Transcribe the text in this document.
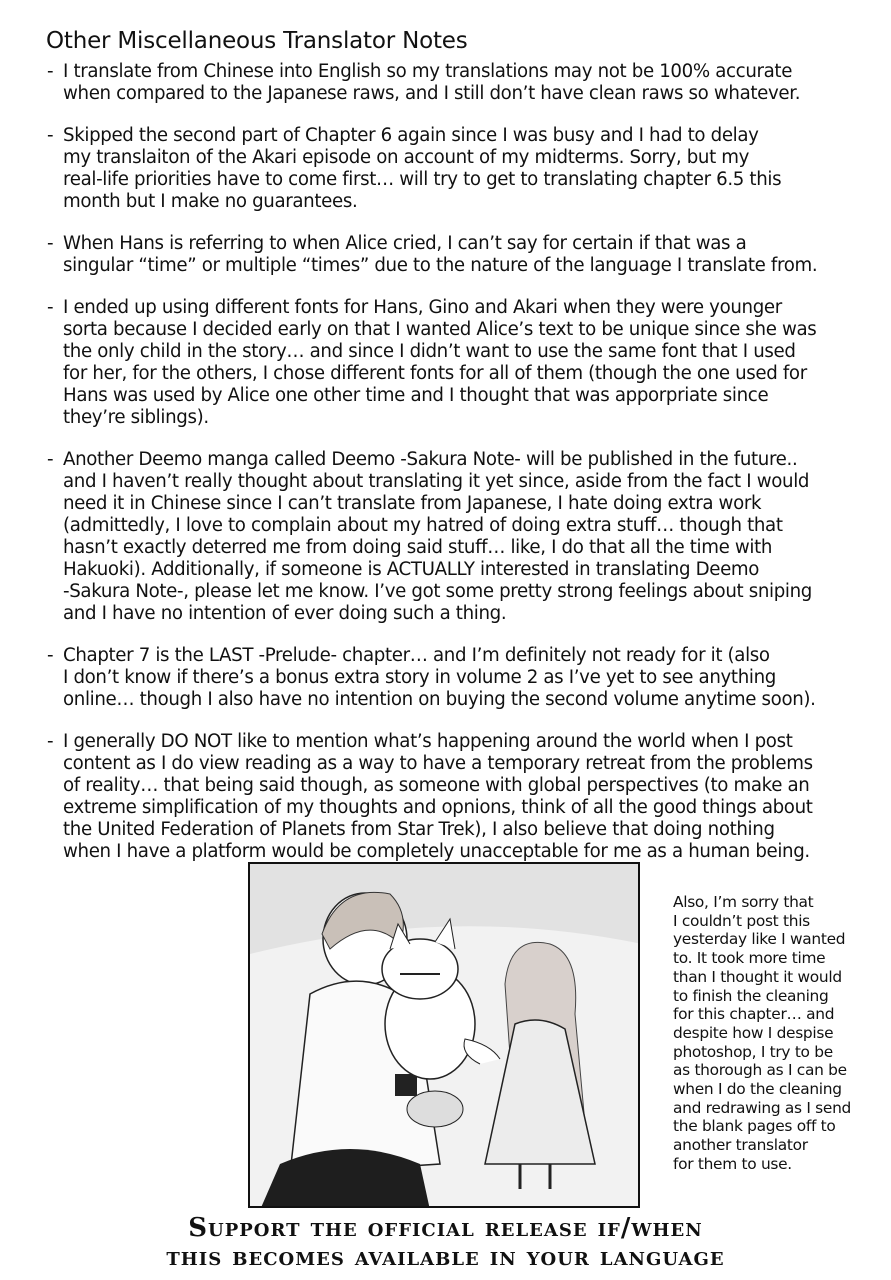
Other Miscellaneous Translator Notes
- I translate from Chinese into English so my translations may not be 100% accurate
when compared to the Japanese raws, and I still don’t have clean raws so whatever.
- Skipped the second part of Chapter 6 again since I was busy and I had to delay
my translaiton of the Akari episode on account of my midterms. Sorry, but my
real-life priorities have to come first… will try to get to translating chapter 6.5 this
month but I make no guarantees.
- When Hans is referring to when Alice cried, I can’t say for certain if that was a
singular “time” or multiple “times” due to the nature of the language I translate from.
- I ended up using different fonts for Hans, Gino and Akari when they were younger
sorta because I decided early on that I wanted Alice’s text to be unique since she was
the only child in the story… and since I didn’t want to use the same font that I used
for her, for the others, I chose different fonts for all of them (though the one used for
Hans was used by Alice one other time and I thought that was apporpriate since
they’re siblings).
- Another Deemo manga called Deemo -Sakura Note- will be published in the future..
and I haven’t really thought about translating it yet since, aside from the fact I would
need it in Chinese since I can’t translate from Japanese, I hate doing extra work
(admittedly, I love to complain about my hatred of doing extra stuff… though that
hasn’t exactly deterred me from doing said stuff… like, I do that all the time with
Hakuoki). Additionally, if someone is ACTUALLY interested in translating Deemo
-Sakura Note-, please let me know. I’ve got some pretty strong feelings about sniping
and I have no intention of ever doing such a thing.
- Chapter 7 is the LAST -Prelude- chapter… and I’m definitely not ready for it (also
I don’t know if there’s a bonus extra story in volume 2 as I’ve yet to see anything
online… though I also have no intention on buying the second volume anytime soon).
- I generally DO NOT like to mention what’s happening around the world when I post
content as I do view reading as a way to have a temporary retreat from the problems
of reality… that being said though, as someone with global perspectives (to make an
extreme simplification of my thoughts and opnions, think of all the good things about
the United Federation of Planets from Star Trek), I also believe that doing nothing
when I have a platform would be completely unacceptable for me as a human being.
Also, I’m sorry that
I couldn’t post this
yesterday like I wanted
to. It took more time
than I thought it would
to finish the cleaning
for this chapter… and
despite how I despise
photoshop, I try to be
as thorough as I can be
when I do the cleaning
and redrawing as I send
the blank pages off to
another translator
for them to use.
Support the official release if/when
this becomes available in your language
